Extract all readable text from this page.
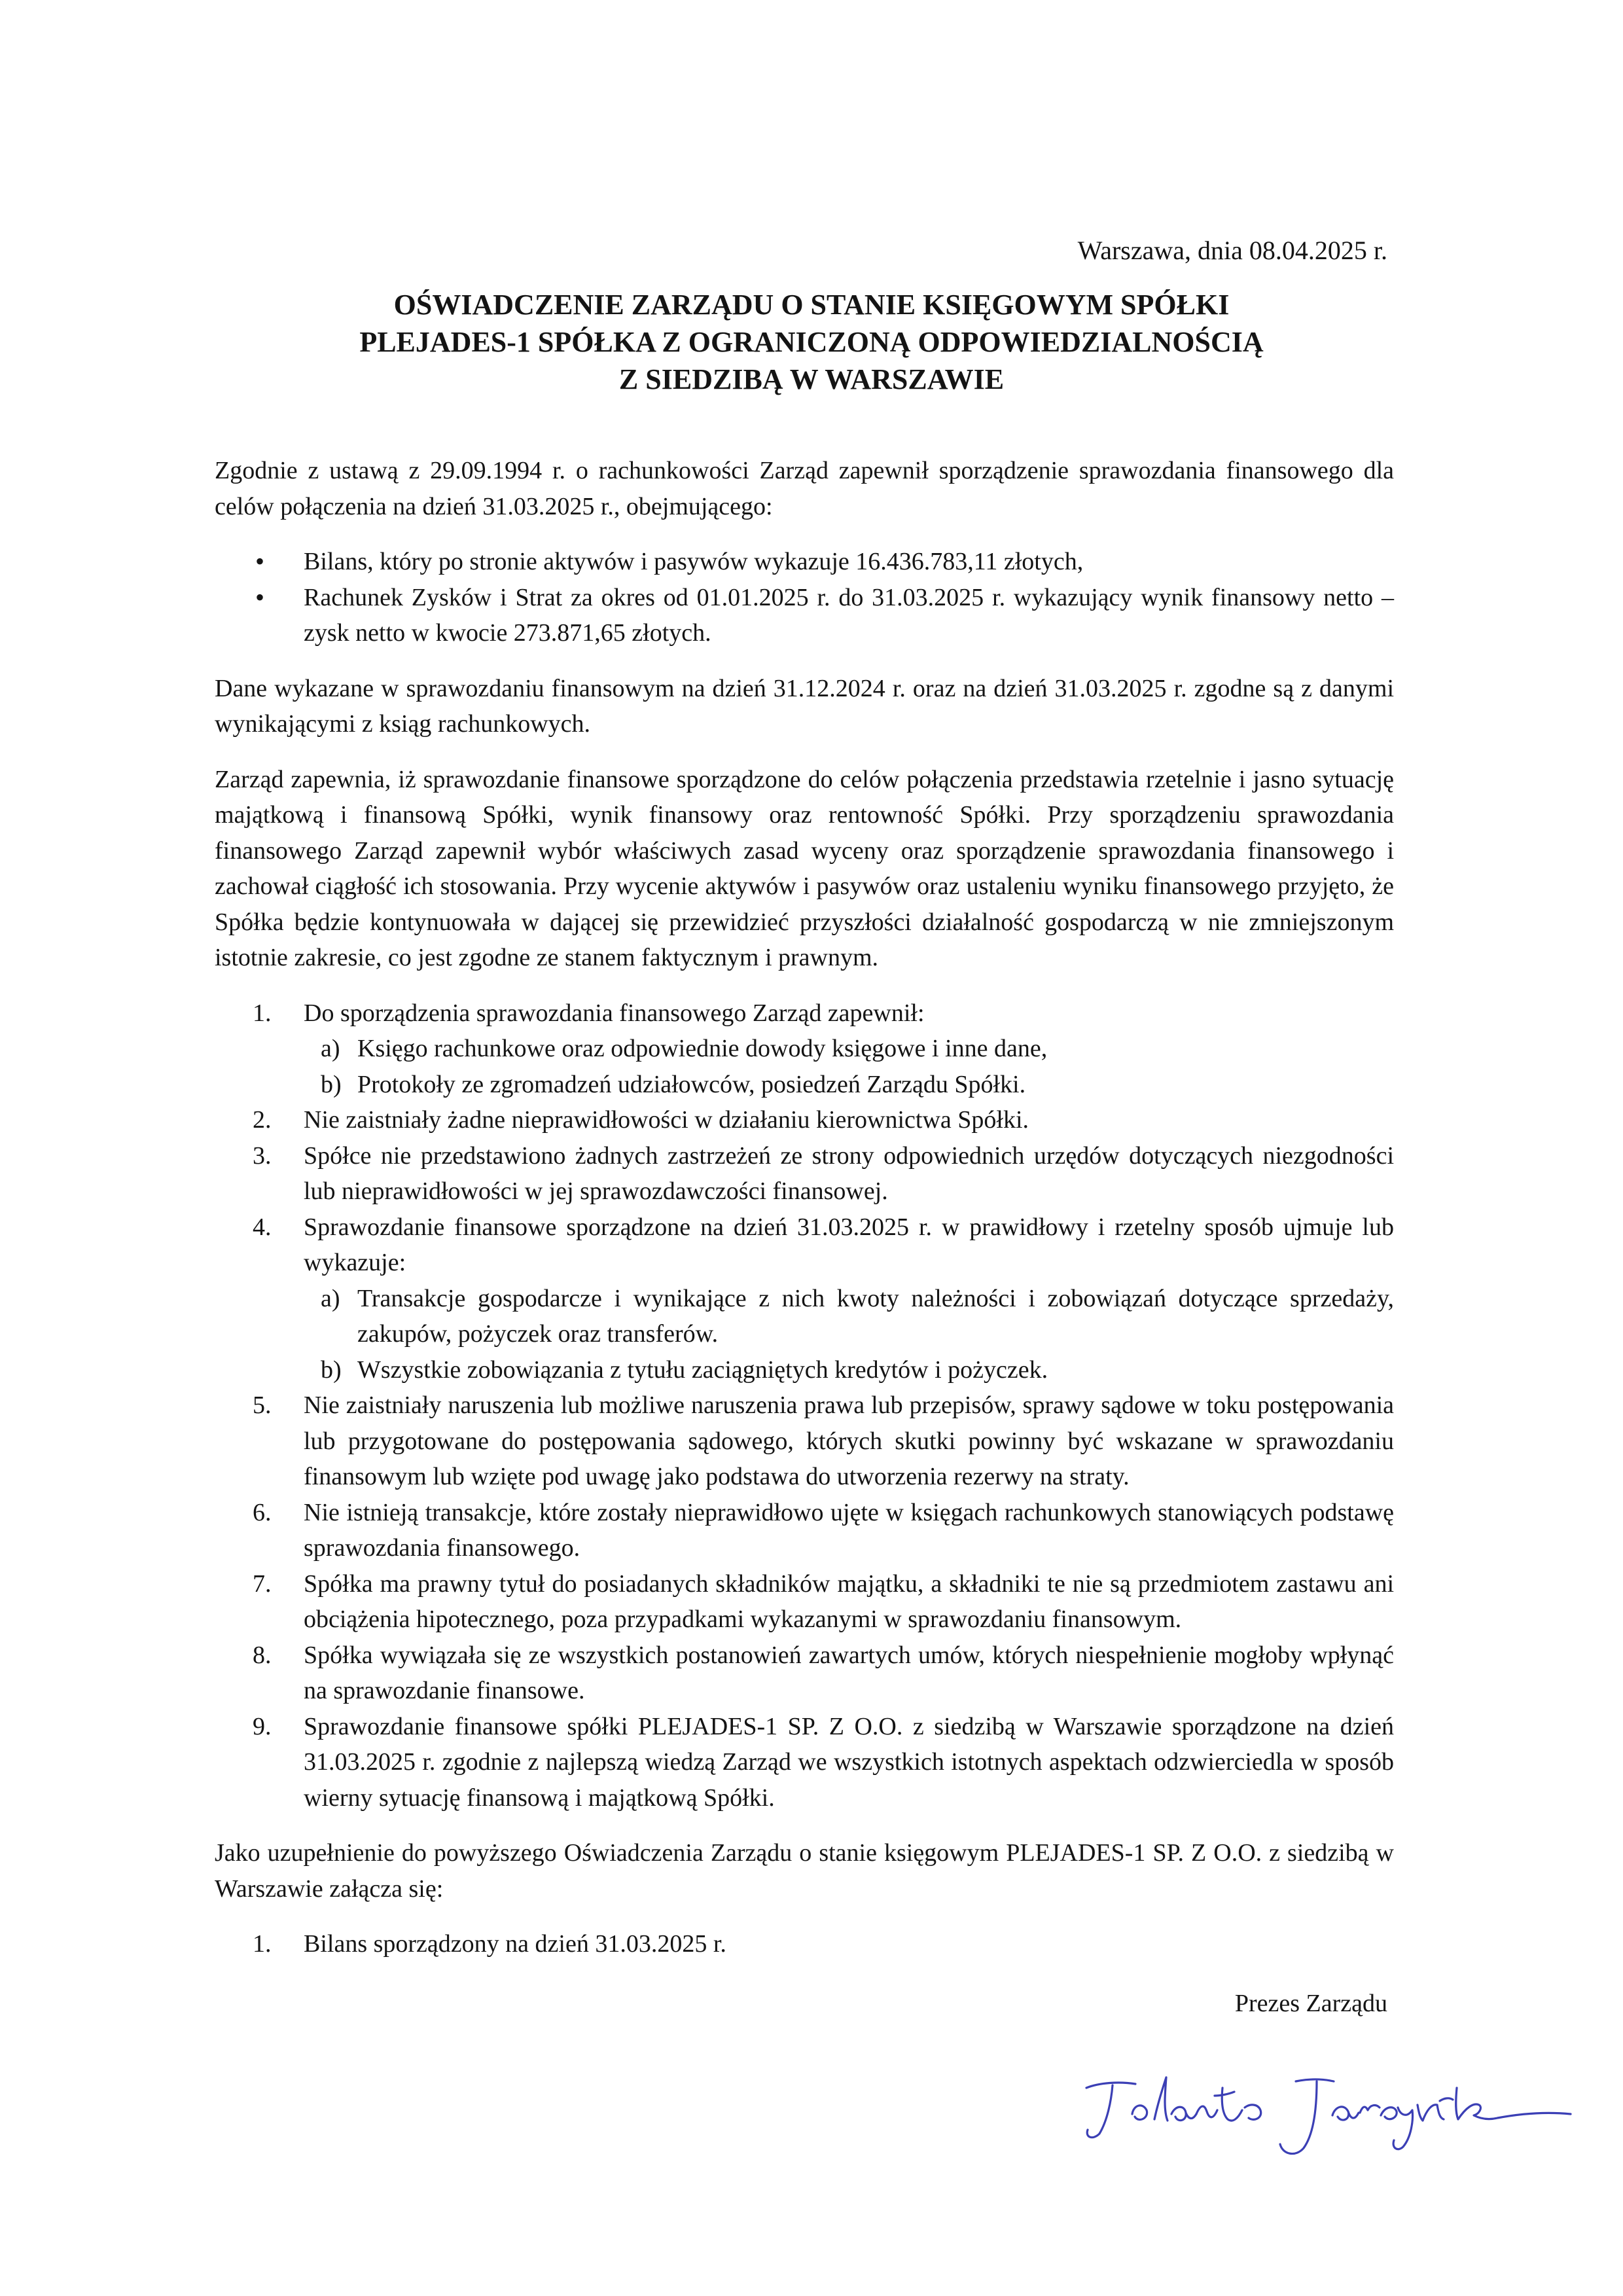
Warszawa, dnia 08.04.2025 r.
OŚWIADCZENIE ZARZĄDU O STANIE KSIĘGOWYM SPÓŁKI
PLEJADES-1 SPÓŁKA Z OGRANICZONĄ ODPOWIEDZIALNOŚCIĄ
Z SIEDZIBĄ W WARSZAWIE

Zgodnie z ustawą z 29.09.1994 r. o rachunkowości Zarząd zapewnił sporządzenie sprawozdania finansowego dla celów połączenia na dzień 31.03.2025 r., obejmującego:

• Bilans, który po stronie aktywów i pasywów wykazuje 16.436.783,11 złotych,
• Rachunek Zysków i Strat za okres od 01.01.2025 r. do 31.03.2025 r. wykazujący wynik finansowy netto – zysk netto w kwocie 273.871,65 złotych.

Dane wykazane w sprawozdaniu finansowym na dzień 31.12.2024 r. oraz na dzień 31.03.2025 r. zgodne są z danymi wynikającymi z ksiąg rachunkowych.

Zarząd zapewnia, iż sprawozdanie finansowe sporządzone do celów połączenia przedstawia rzetelnie i jasno sytuację majątkową i finansową Spółki, wynik finansowy oraz rentowność Spółki. Przy sporządzeniu sprawozdania finansowego Zarząd zapewnił wybór właściwych zasad wyceny oraz sporządzenie sprawozdania finansowego i zachował ciągłość ich stosowania. Przy wycenie aktywów i pasywów oraz ustaleniu wyniku finansowego przyjęto, że Spółka będzie kontynuowała w dającej się przewidzieć przyszłości działalność gospodarczą w nie zmniejszonym istotnie zakresie, co jest zgodne ze stanem faktycznym i prawnym.

1.	Do sporządzenia sprawozdania finansowego Zarząd zapewnił:
a) Księgo rachunkowe oraz odpowiednie dowody księgowe i inne dane,
b) Protokoły ze zgromadzeń udziałowców, posiedzeń Zarządu Spółki.
2.	Nie zaistniały żadne nieprawidłowości w działaniu kierownictwa Spółki.
3.	Spółce nie przedstawiono żadnych zastrzeżeń ze strony odpowiednich urzędów dotyczących niezgodności lub nieprawidłowości w jej sprawozdawczości finansowej.
4.	Sprawozdanie finansowe sporządzone na dzień 31.03.2025 r. w prawidłowy i rzetelny sposób ujmuje lub wykazuje:
a) Transakcje gospodarcze i wynikające z nich kwoty należności i zobowiązań dotyczące sprzedaży, zakupów, pożyczek oraz transferów.
b) Wszystkie zobowiązania z tytułu zaciągniętych kredytów i pożyczek.
5.	Nie zaistniały naruszenia lub możliwe naruszenia prawa lub przepisów, sprawy sądowe w toku postępowania lub przygotowane do postępowania sądowego, których skutki powinny być wskazane w sprawozdaniu finansowym lub wzięte pod uwagę jako podstawa do utworzenia rezerwy na straty.
6.	Nie istnieją transakcje, które zostały nieprawidłowo ujęte w księgach rachunkowych stanowiących podstawę sprawozdania finansowego.
7.	Spółka ma prawny tytuł do posiadanych składników majątku, a składniki te nie są przedmiotem zastawu ani obciążenia hipotecznego, poza przypadkami wykazanymi w sprawozdaniu finansowym.
8.	Spółka wywiązała się ze wszystkich postanowień zawartych umów, których niespełnienie mogłoby wpłynąć na sprawozdanie finansowe.
9.	Sprawozdanie finansowe spółki PLEJADES-1 SP. Z O.O. z siedzibą w Warszawie sporządzone na dzień 31.03.2025 r. zgodnie z najlepszą wiedzą Zarząd we wszystkich istotnych aspektach odzwierciedla w sposób wierny sytuację finansową i majątkową Spółki.

Jako uzupełnienie do powyższego Oświadczenia Zarządu o stanie księgowym PLEJADES-1 SP. Z O.O. z siedzibą w Warszawie załącza się:

1.	Bilans sporządzony na dzień 31.03.2025 r.
Prezes Zarządu
